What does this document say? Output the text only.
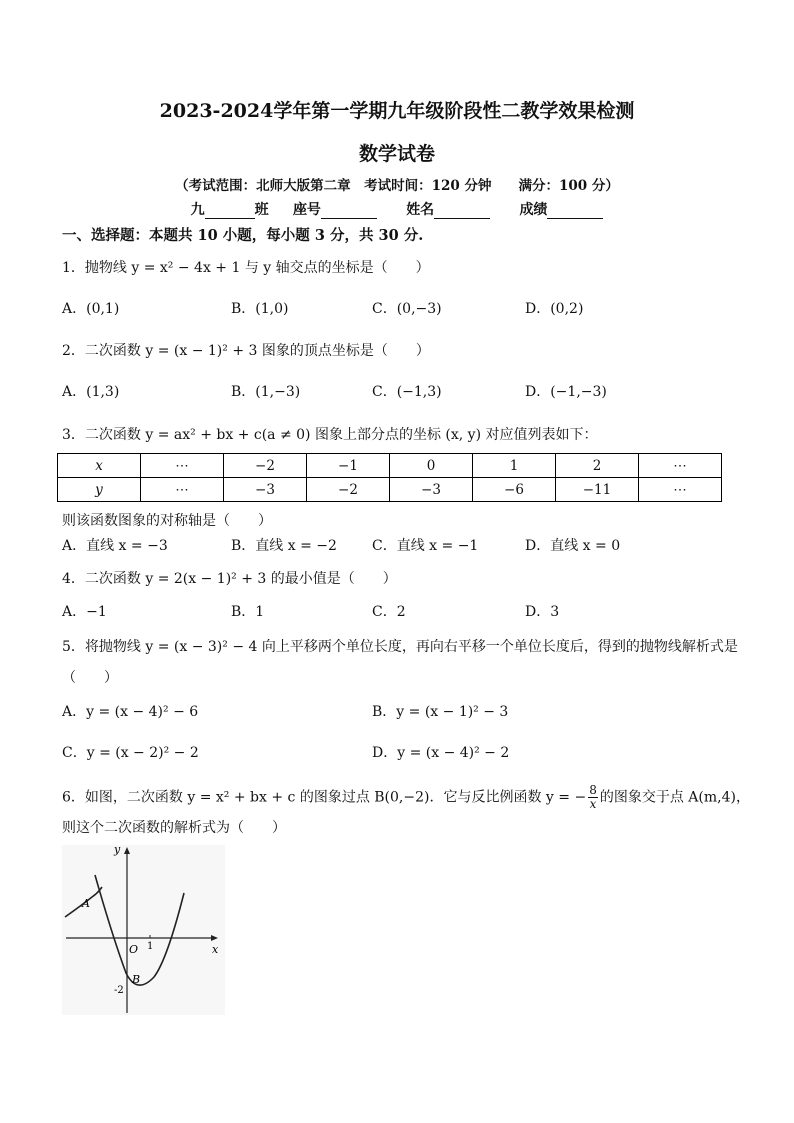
2023-2024学年第一学期九年级阶段性二教学效果检测
数学试卷
（考试范围：北师大版第二章　考试时间：120 分钟　　满分：100 分）
九	班 座号	姓名	成绩
一、选择题：本题共 10 小题，每小题 3 分，共 30 分.
1．抛物线 y = x² − 4x + 1 与 y 轴交点的坐标是（　　）
A．(0,1)	B．(1,0)	C．(0,−3)	D．(0,2)
2．二次函数 y = (x − 1)² + 3 图象的顶点坐标是（　　）
A．(1,3)	B．(1,−3)	C．(−1,3)	D．(−1,−3)
3．二次函数 y = ax² + bx + c(a ≠ 0) 图象上部分点的坐标 (x, y) 对应值列表如下：
x	⋯	−2	−1	0	1	2	⋯
y	⋯	−3	−2	−3	−6	−11	⋯
则该函数图象的对称轴是（　　）
A．直线 x = −3	B．直线 x = −2	C．直线 x = −1	D．直线 x = 0
4．二次函数 y = 2(x − 1)² + 3 的最小值是（　　）
A．−1	B．1	C．2	D．3
5．将抛物线 y = (x − 3)² − 4 向上平移两个单位长度，再向右平移一个单位长度后，得到的抛物线解析式是
（　　）
A．y = (x − 4)² − 6	B．y = (x − 1)² − 3
C．y = (x − 2)² − 2	D．y = (x − 4)² − 2
6．如图，二次函数 y = x² + bx + c 的图象过点 B(0,−2)．它与反比例函数 y = − $\frac{8}{x}$ 的图象交于点 A(m,4)，
则这个二次函数的解析式为（　　）
y
x
O 1
A
B
-2
